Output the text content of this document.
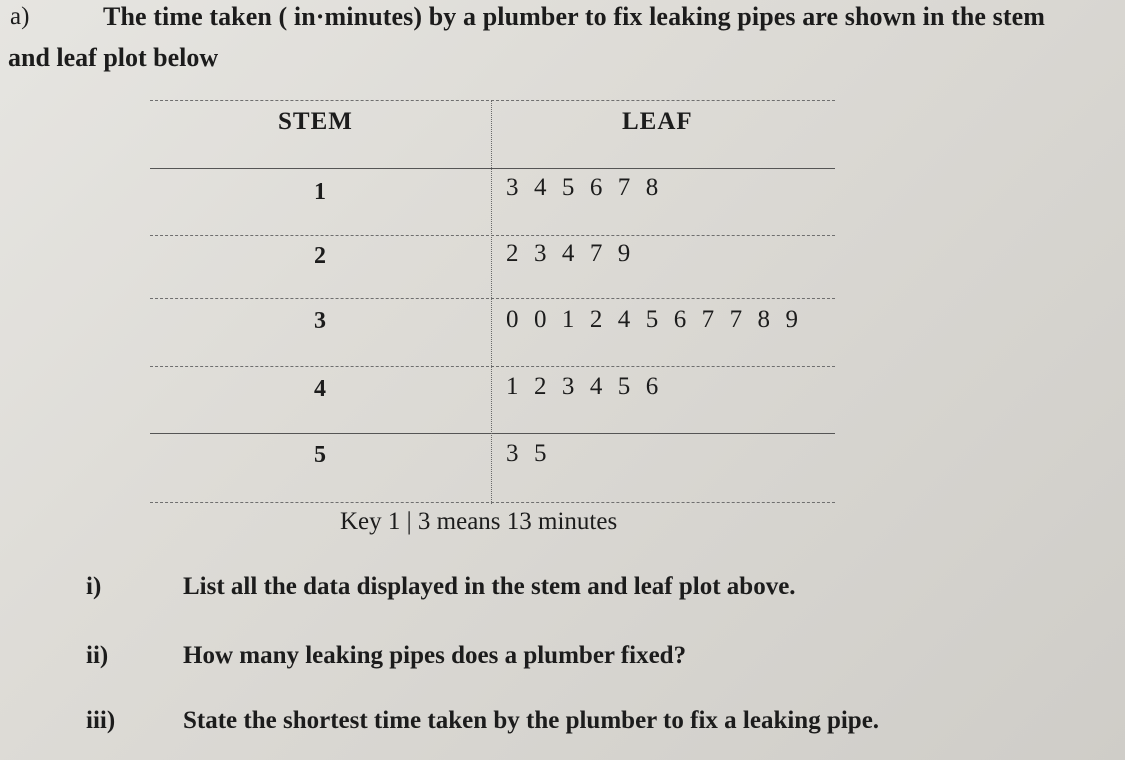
a)	The time taken ( in·minutes) by a plumber to fix leaking pipes are shown in the stem
and leaf plot below
STEM	LEAF
1	3 4 5 6 7 8
2	2 3 4 7 9
3	0 0 1 2 4 5 6 7 7 8 9
4	1 2 3 4 5 6
5	3 5
Key 1 | 3 means 13 minutes
i)	List all the data displayed in the stem and leaf plot above.
ii)	How many leaking pipes does a plumber fixed?
iii)	State the shortest time taken by the plumber to fix a leaking pipe.
